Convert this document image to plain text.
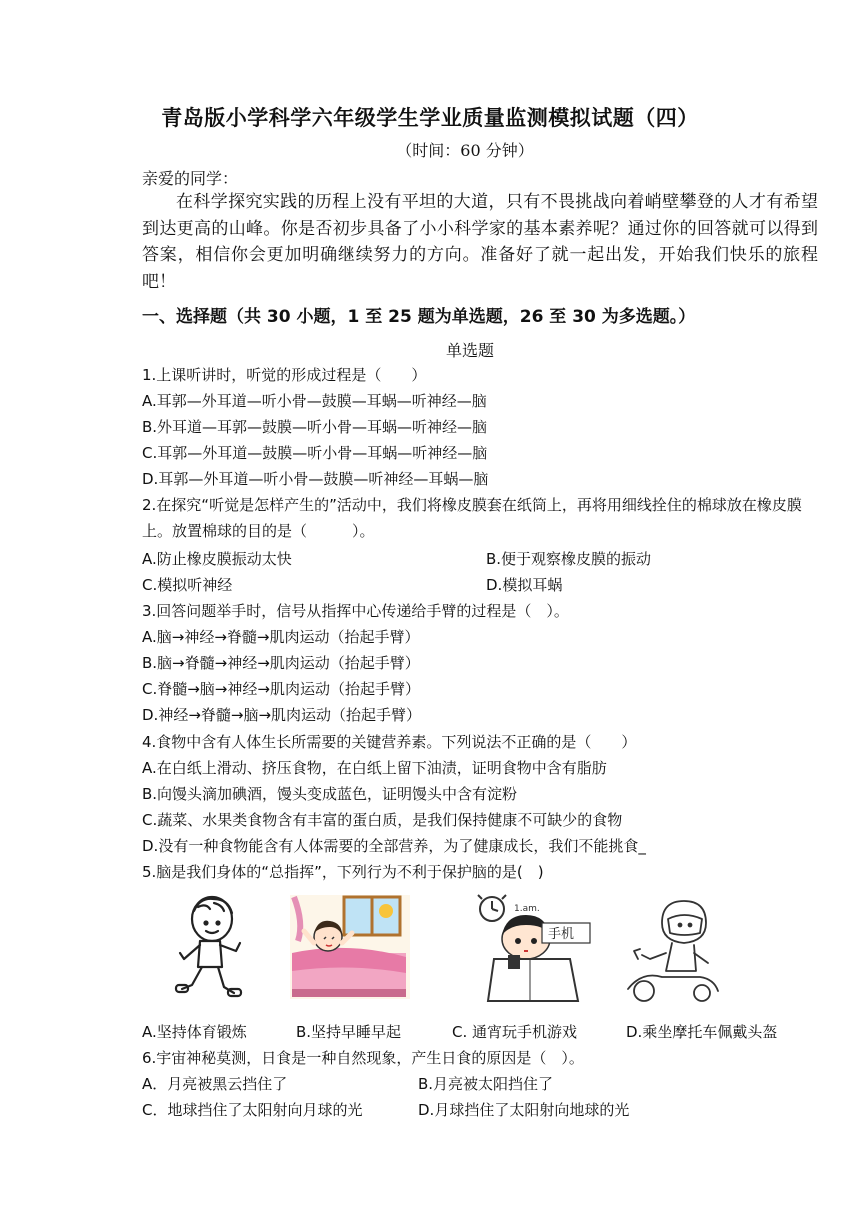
青岛版小学科学六年级学生学业质量监测模拟试题（四）
（时间：60 分钟）
亲爱的同学：

在科学探究实践的历程上没有平坦的大道，只有不畏挑战向着峭壁攀登的人才有希望到达更高的山峰。你是否初步具备了小小科学家的基本素养呢？通过你的回答就可以得到答案，相信你会更加明确继续努力的方向。准备好了就一起出发，开始我们快乐的旅程吧！

一、选择题（共 30 小题，1 至 25 题为单选题，26 至 30 为多选题。）
单选题
1.上课听讲时，听觉的形成过程是（　　）
A.耳郭—外耳道—听小骨—鼓膜—耳蜗—听神经—脑
B.外耳道—耳郭—鼓膜—听小骨—耳蜗—听神经—脑
C.耳郭—外耳道—鼓膜—听小骨—耳蜗—听神经—脑
D.耳郭—外耳道—听小骨—鼓膜—听神经—耳蜗—脑
2.在探究“听觉是怎样产生的”活动中，我们将橡皮膜套在纸筒上，再将用细线拴住的棉球放在橡皮膜上。放置棉球的目的是（　　　）。
A.防止橡皮膜振动太快	B.便于观察橡皮膜的振动
C.模拟听神经	D.模拟耳蜗
3.回答问题举手时，信号从指挥中心传递给手臂的过程是（　）。
A.脑→神经→脊髓→肌肉运动（抬起手臂）
B.脑→脊髓→神经→肌肉运动（抬起手臂）
C.脊髓→脑→神经→肌肉运动（抬起手臂）
D.神经→脊髓→脑→肌肉运动（抬起手臂）
4.食物中含有人体生长所需要的关键营养素。下列说法不正确的是（　　）
A.在白纸上滑动、挤压食物，在白纸上留下油渍，证明食物中含有脂肪
B.向馒头滴加碘酒，馒头变成蓝色，证明馒头中含有淀粉
C.蔬菜、水果类食物含有丰富的蛋白质，是我们保持健康不可缺少的食物
D.没有一种食物能含有人体需要的全部营养，为了健康成长，我们不能挑食_
5.脑是我们身体的“总指挥”，下列行为不利于保护脑的是(　)
1.am.
手机
A.坚持体育锻炼	B.坚持早睡早起	C. 通宵玩手机游戏	D.乘坐摩托车佩戴头盔
6.宇宙神秘莫测，日食是一种自然现象，产生日食的原因是（　）。
A．月亮被黑云挡住了	B.月亮被太阳挡住了
C．地球挡住了太阳射向月球的光	D.月球挡住了太阳射向地球的光
